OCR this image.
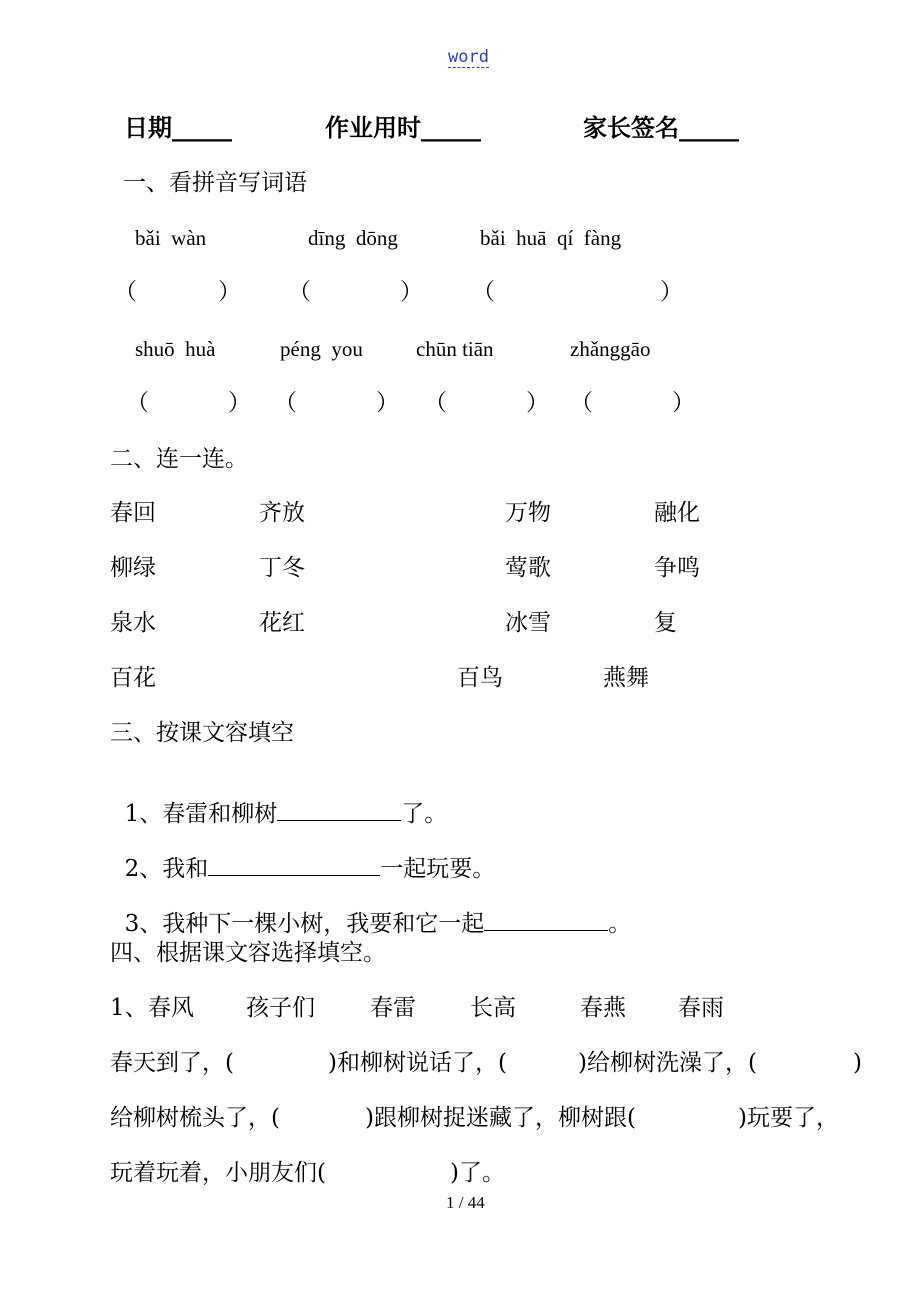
word
日期_____	作业用时_____	家长签名_____
一、看拼音写词语
bǎi  wàn	dīng  dōng	bǎi  huā  qí  fàng
（	） （	） （	）
shuō  huà	péng  you	chūn tiān	zhǎnggāo
（	） （	） （	） （	）
二、连一连。
春回	齐放	万物	融化
柳绿	丁冬	莺歌	争鸣
泉水	花红	冰雪	复
百花	百鸟	燕舞
三、按课文容填空

1、春雷和柳树	了。

2、我和	一起玩要。

3、我种下一棵小树，我要和它一起	。

四、根据课文容选择填空。
1、 春风 孩子们 春雷 长高	春燕 春雨
春天到了，(	)和柳树说话了，(	)给柳树洗澡了，(	)
给柳树梳头了，(	)跟柳树捉迷藏了，柳树跟(	)玩要了，
玩着玩着，小朋友们(	)了。
1 / 44
